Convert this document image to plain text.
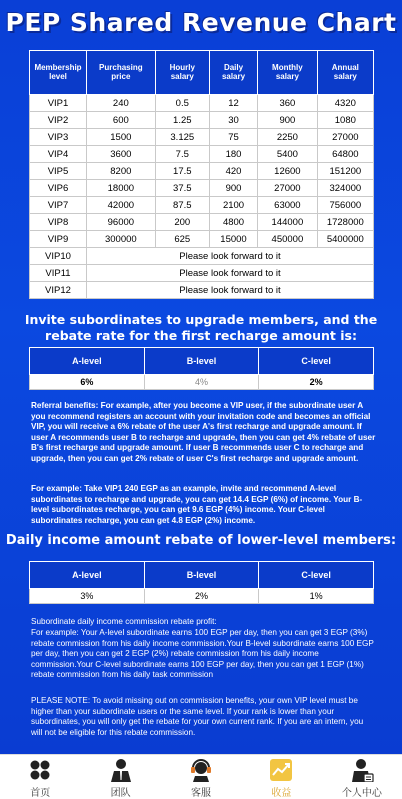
PEP Shared Revenue Chart
Membership level	Purchasing price	Hourly salary	Daily salary	Monthly salary	Annual salary
VIP1	240	0.5	12	360	4320
VIP2	600	1.25	30	900	1080
VIP3	1500	3.125	75	2250	27000
VIP4	3600	7.5	180	5400	64800
VIP5	8200	17.5	420	12600	151200
VIP6	18000	37.5	900	27000	324000
VIP7	42000	87.5	2100	63000	756000
VIP8	96000	200	4800	144000	1728000
VIP9	300000	625	15000	450000	5400000
VIP10	Please look forward to it				
VIP11	Please look forward to it				
VIP12	Please look forward to it				
Invite subordinates to upgrade members, and the rebate rate for the first recharge amount is:
A-level	B-level	C-level
6%	4%	2%
Referral benefits: For example, after you become a VIP user, if the subordinate user A you recommend registers an account with your invitation code and becomes an official VIP, you will receive a 6% rebate of the user A's first recharge and upgrade amount. If user A recommends user B to recharge and upgrade, then you can get 4% rebate of user B's first recharge and upgrade amount. If user B recommends user C to recharge and upgrade, then you can get 2% rebate of user C's first recharge and upgrade amount.
For example: Take VIP1 240 EGP as an example, invite and recommend A-level subordinates to recharge and upgrade, you can get 14.4 EGP (6%) of income. Your B-level subordinates recharge, you can get 9.6 EGP (4%) income. Your C-level subordinates recharge, you can get 4.8 EGP (2%) income.
Daily income amount rebate of lower-level members:
A-level	B-level	C-level
3%	2%	1%
Subordinate daily income commission rebate profit:
For example: Your A-level subordinate earns 100 EGP per day, then you can get 3 EGP (3%) rebate commission from his daily income commission.Your B-level subordinate earns 100 EGP per day, then you can get 2 EGP (2%) rebate commission from his daily income commission.Your C-level subordinate earns 100 EGP per day, then you can get 1 EGP (1%) rebate commission from his daily task commission
PLEASE NOTE: To avoid missing out on commission benefits, your own VIP level must be higher than your subordinate users or the same level. If your rank is lower than your subordinates, you will only get the rebate for your own current rank. If you are an intern, you will not be eligible for this rebate commission.
首页	团队	客服	收益	个人中心
